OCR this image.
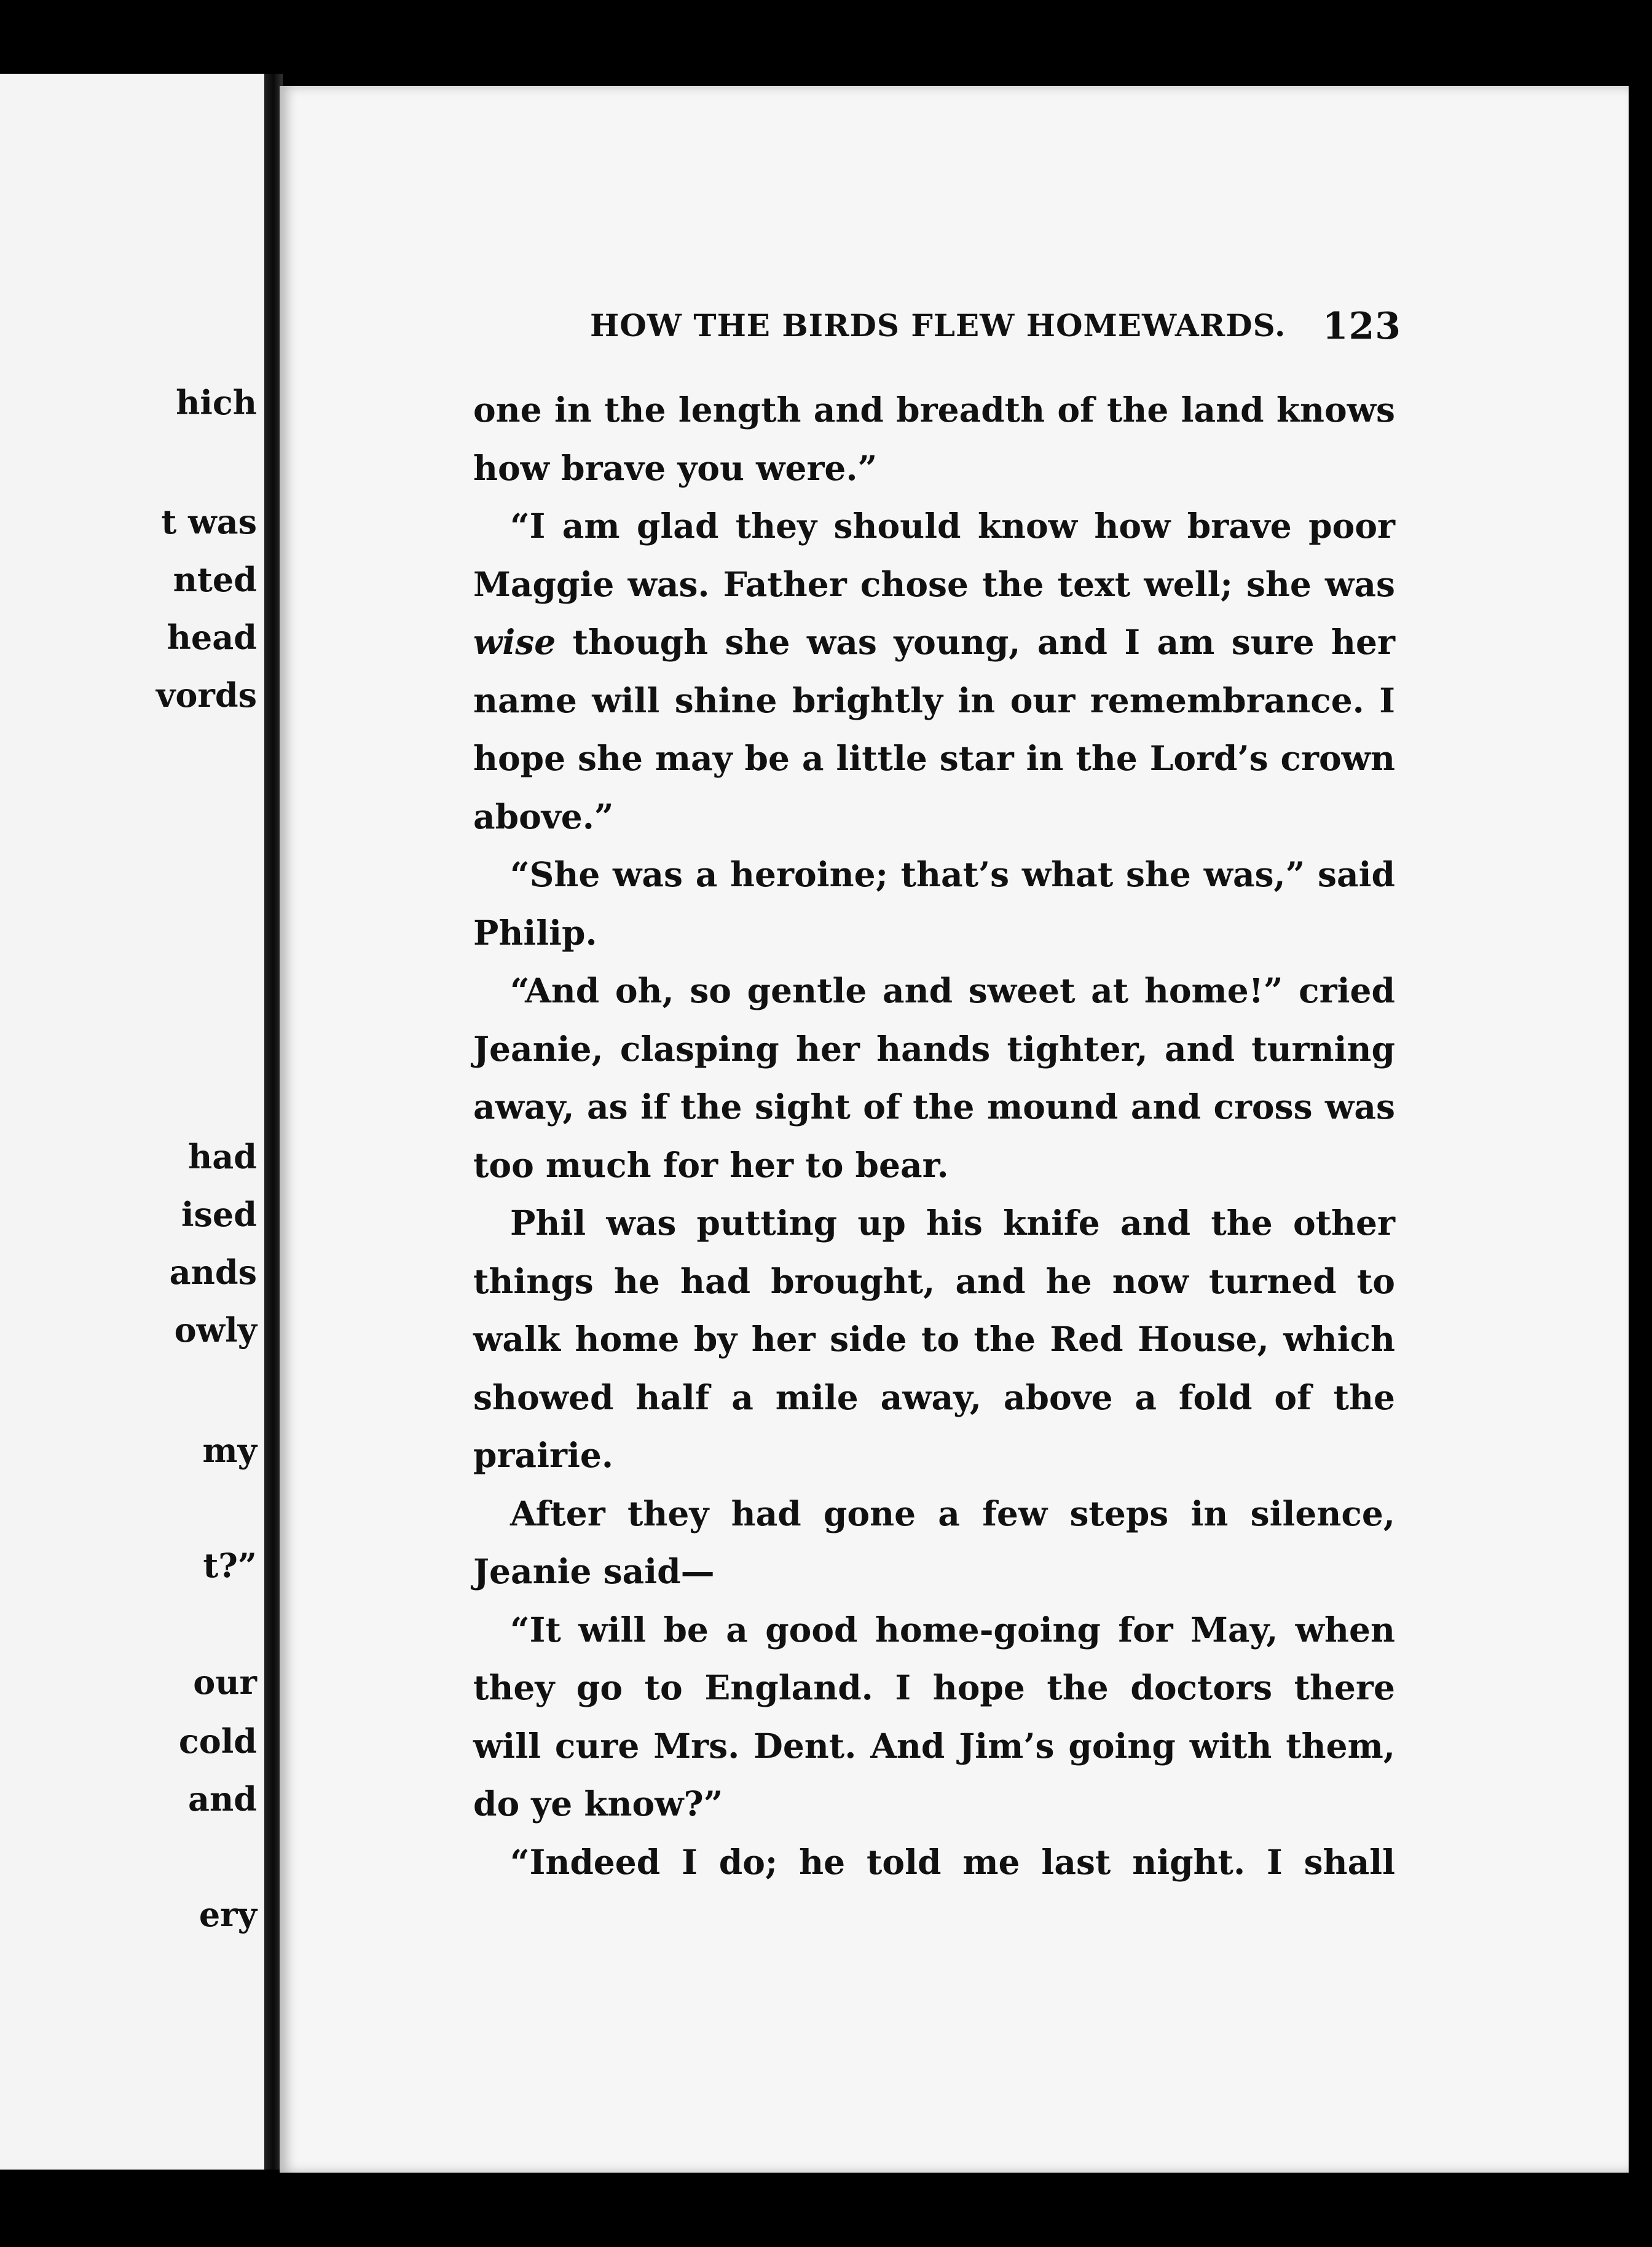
hich
t was
nted
head
vords
had
ised
ands
owly
my
t?”
our
cold
and
ery
HOW THE BIRDS FLEW HOMEWARDS. 123
one in the length and breadth of the land knows
how brave you were.”
“I am glad they should know how brave poor
Maggie was. Father chose the text well; she was
wise though she was young, and I am sure her
name will shine brightly in our remembrance. I
hope she may be a little star in the Lord’s crown
above.”
“She was a heroine; that’s what she was,” said
Philip.
“And oh, so gentle and sweet at home!” cried
Jeanie, clasping her hands tighter, and turning
away, as if the sight of the mound and cross was
too much for her to bear.
Phil was putting up his knife and the other
things he had brought, and he now turned to
walk home by her side to the Red House, which
showed half a mile away, above a fold of the
prairie.
After they had gone a few steps in silence,
Jeanie said—
“It will be a good home-going for May, when
they go to England. I hope the doctors there
will cure Mrs. Dent. And Jim’s going with them,
do ye know?”
“Indeed I do; he told me last night. I shall
